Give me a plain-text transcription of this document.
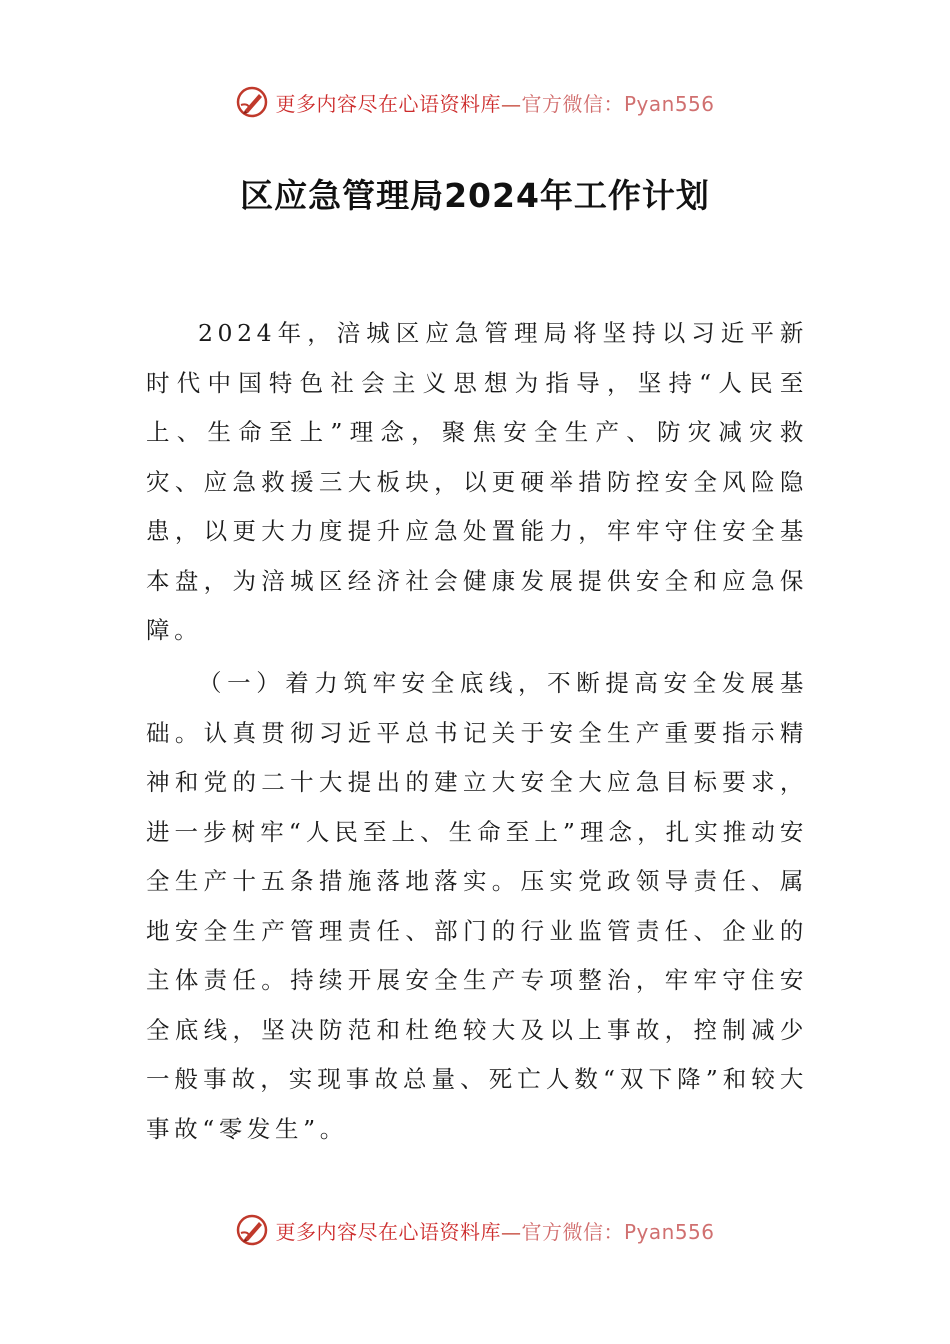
更多内容尽在心语资料库—官方微信：Pyan556
区应急管理局2024年工作计划

2024年，涪城区应急管理局将坚持以习近平新时代中国特色社会主义思想为指导，坚持“人民至上、生命至上”理念，聚焦安全生产、防灾减灾救灾、应急救援三大板块，以更硬举措防控安全风险隐患，以更大力度提升应急处置能力，牢牢守住安全基本盘，为涪城区经济社会健康发展提供安全和应急保障。

（一）着力筑牢安全底线，不断提高安全发展基础。认真贯彻习近平总书记关于安全生产重要指示精神和党的二十大提出的建立大安全大应急目标要求，进一步树牢“人民至上、生命至上”理念，扎实推动安全生产十五条措施落地落实。压实党政领导责任、属地安全生产管理责任、部门的行业监管责任、企业的主体责任。持续开展安全生产专项整治，牢牢守住安全底线，坚决防范和杜绝较大及以上事故，控制减少一般事故，实现事故总量、死亡人数“双下降”和较大事故“零发生”。

更多内容尽在心语资料库—官方微信：Pyan556
